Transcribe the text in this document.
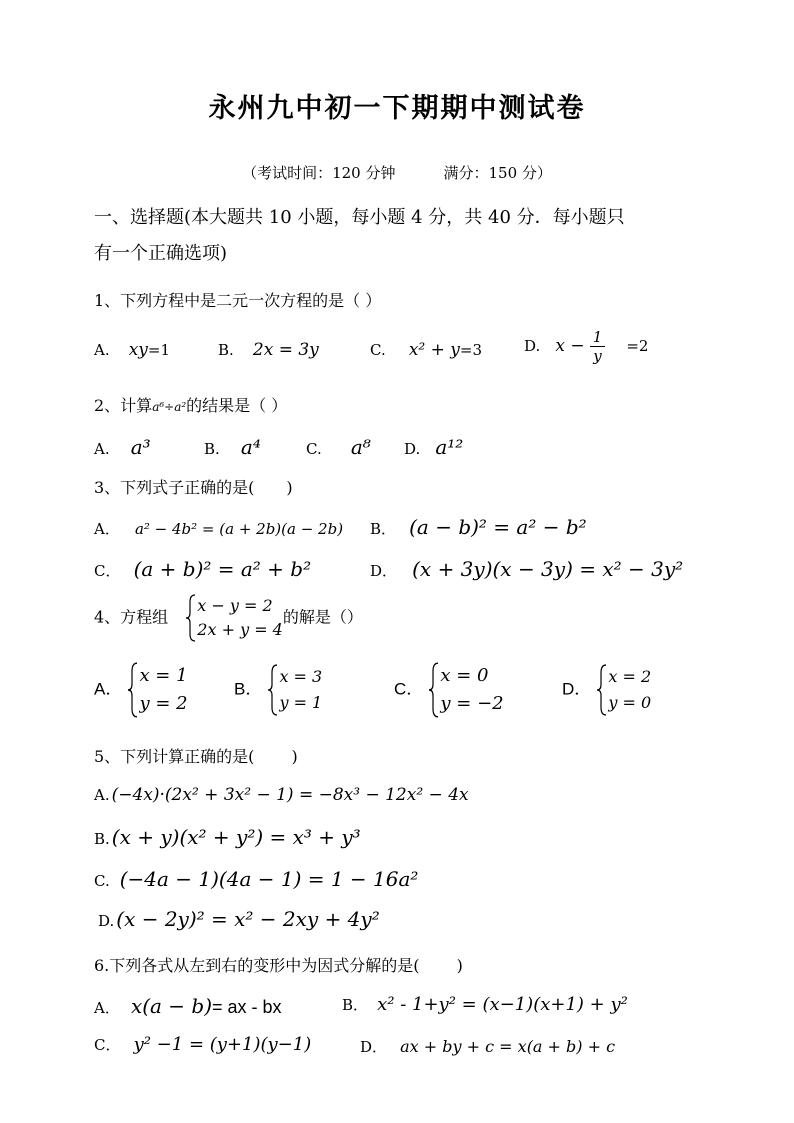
永州九中初一下期期中测试卷
（考试时间：120 分钟	满分：150 分）
一、选择题(本大题共 10 小题，每小题 4 分，共 40 分．每小题只
有一个正确选项)
1、下列方程中是二元一次方程的是（ ）
A. xy=1	B. 2x = 3y	C. x² + y=3	D. $x - \frac{1}{y} =2$
2、计算a⁶÷a²的结果是（ ）
A. a³	B. a⁴	C. a⁸ D. a¹²
3、下列式子正确的是(　　)
A． a² − 4b² = (a + 2b)(a − 2b) B． (a − b)² = a² − b²
C． (a + b)² = a² + b²	D． (x + 3y)(x − 3y) = x² − 3y²
4、方程组
x − y = 2
2x + y = 4
的解是（）
A．
x = 1
y = 2
B．
x = 3
y = 1
C．
x = 0
y = −2
D．
x = 2
y = 0
5、下列计算正确的是(　　 )
A. (−4x)·(2x² + 3x² − 1) = −8x³ − 12x² − 4x
B. (x + y)(x² + y²) = x³ + y³
C. (−4a − 1)(4a − 1) = 1 − 16a²
D. (x − 2y)² = x² − 2xy + 4y²
6.下列各式从左到右的变形中为因式分解的是(　　 )
A． x(a − b)= ax - bx	B． x² - 1+y² = (x−1)(x+1) + y²
C． y² −1 = (y+1)(y−1)	D． ax + by + c = x(a + b) + c
